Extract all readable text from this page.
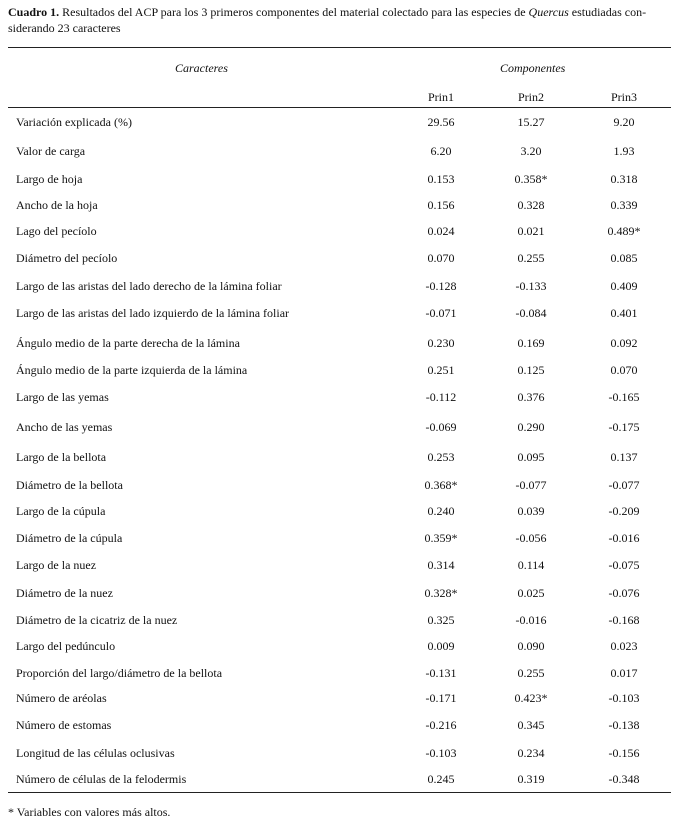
Cuadro 1. Resultados del ACP para los 3 primeros componentes del material colectado para las especies de Quercus estudiadas con-
siderando 23 caracteres
Caracteres	Componentes
Prin1	Prin2	Prin3
Variación explicada (%)	29.56	15.27	9.20
Valor de carga	6.20	3.20	1.93
Largo de hoja	0.153	0.358*	0.318
Ancho de la hoja	0.156	0.328	0.339
Lago del pecíolo	0.024	0.021	0.489*
Diámetro del pecíolo	0.070	0.255	0.085
Largo de las aristas del lado derecho de la lámina foliar	-0.128	-0.133	0.409
Largo de las aristas del lado izquierdo de la lámina foliar	-0.071	-0.084	0.401
Ángulo medio de la parte derecha de la lámina	0.230	0.169	0.092
Ángulo medio de la parte izquierda de la lámina	0.251	0.125	0.070
Largo de las yemas	-0.112	0.376	-0.165
Ancho de las yemas	-0.069	0.290	-0.175
Largo de la bellota	0.253	0.095	0.137
Diámetro de la bellota	0.368*	-0.077	-0.077
Largo de la cúpula	0.240	0.039	-0.209
Diámetro de la cúpula	0.359*	-0.056	-0.016
Largo de la nuez	0.314	0.114	-0.075
Diámetro de la nuez	0.328*	0.025	-0.076
Diámetro de la cicatriz de la nuez	0.325	-0.016	-0.168
Largo del pedúnculo	0.009	0.090	0.023
Proporción del largo/diámetro de la bellota	-0.131	0.255	0.017
Número de aréolas	-0.171	0.423*	-0.103
Número de estomas	-0.216	0.345	-0.138
Longitud de las células oclusivas	-0.103	0.234	-0.156
Número de células de la felodermis	0.245	0.319	-0.348
* Variables con valores más altos.
